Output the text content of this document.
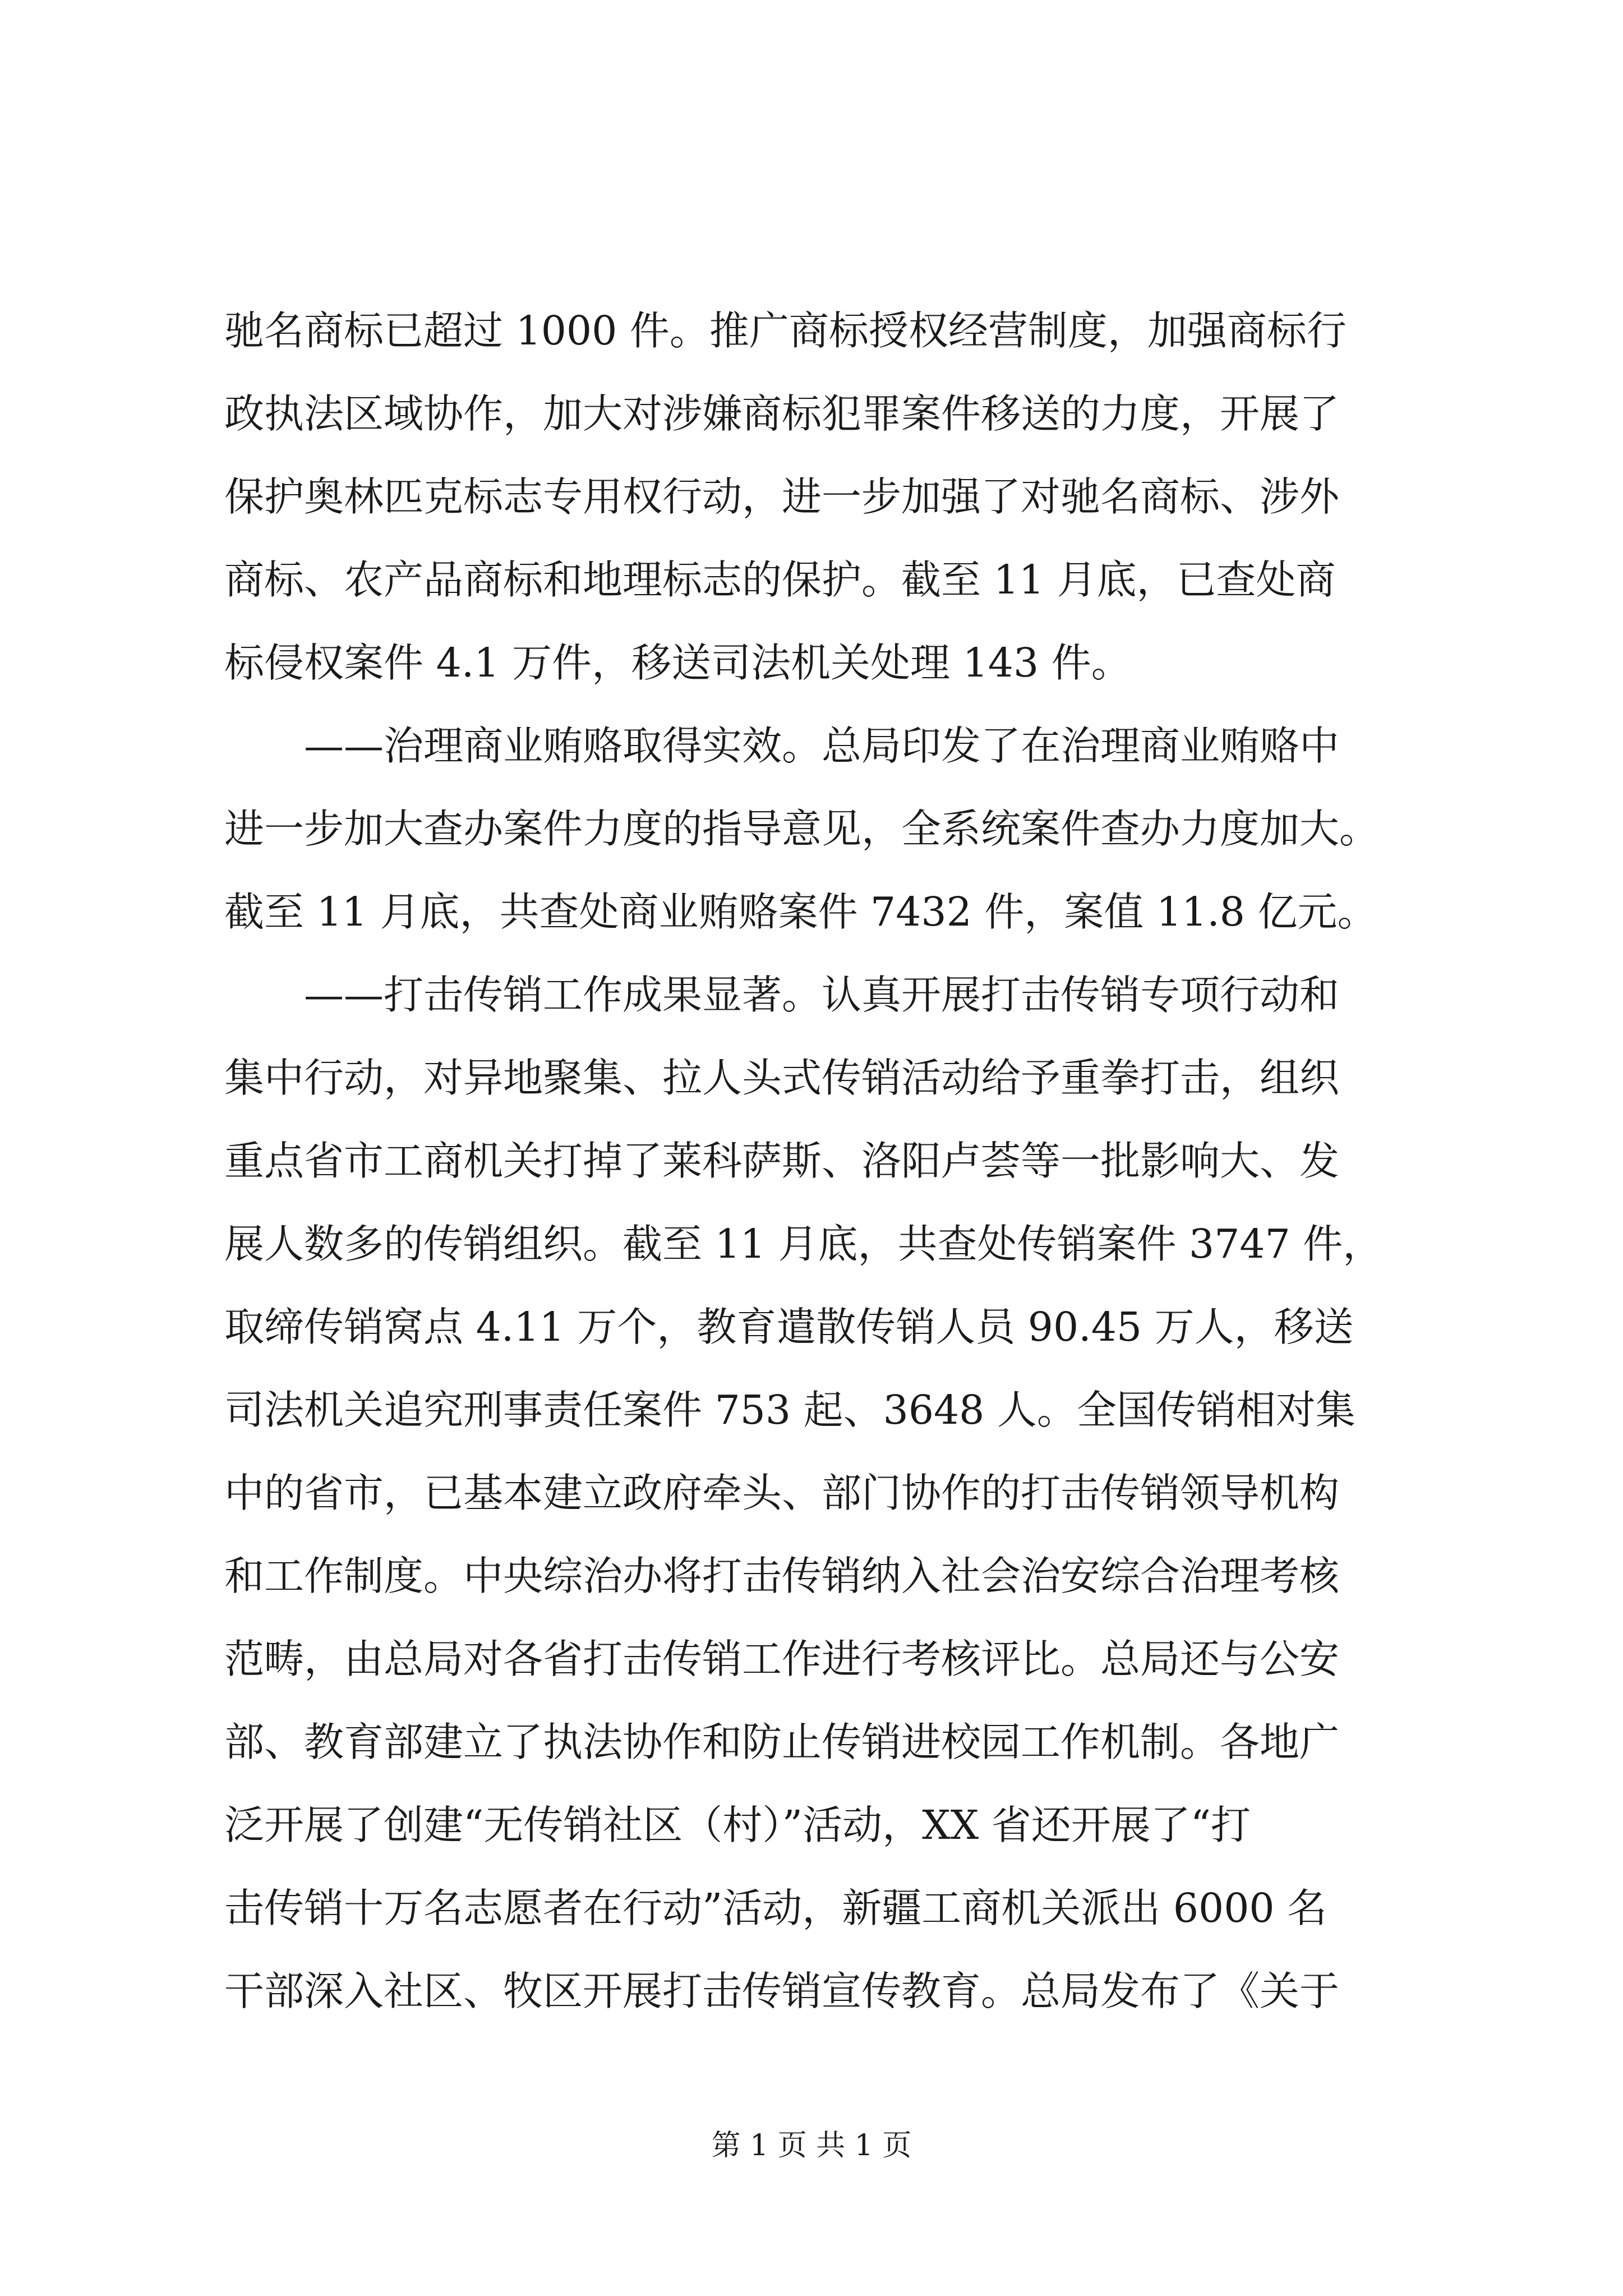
驰名商标已超过 1000 件。推广商标授权经营制度，加强商标行
政执法区域协作，加大对涉嫌商标犯罪案件移送的力度，开展了
保护奥林匹克标志专用权行动，进一步加强了对驰名商标、涉外
商标、农产品商标和地理标志的保护。截至 11 月底，已查处商
标侵权案件 4.1 万件，移送司法机关处理 143 件。
　　——治理商业贿赂取得实效。总局印发了在治理商业贿赂中
进一步加大查办案件力度的指导意见，全系统案件查办力度加大。
截至 11 月底，共查处商业贿赂案件 7432 件，案值 11.8 亿元。
　　——打击传销工作成果显著。认真开展打击传销专项行动和
集中行动，对异地聚集、拉人头式传销活动给予重拳打击，组织
重点省市工商机关打掉了莱科萨斯、洛阳卢荟等一批影响大、发
展人数多的传销组织。截至 11 月底，共查处传销案件 3747 件，
取缔传销窝点 4.11 万个，教育遣散传销人员 90.45 万人，移送
司法机关追究刑事责任案件 753 起、3648 人。全国传销相对集
中的省市，已基本建立政府牵头、部门协作的打击传销领导机构
和工作制度。中央综治办将打击传销纳入社会治安综合治理考核
范畴，由总局对各省打击传销工作进行考核评比。总局还与公安
部、教育部建立了执法协作和防止传销进校园工作机制。各地广
泛开展了创建“无传销社区（村）”活动，XX 省还开展了“打
击传销十万名志愿者在行动”活动，新疆工商机关派出 6000 名
干部深入社区、牧区开展打击传销宣传教育。总局发布了《关于
第 1 页 共 1 页
